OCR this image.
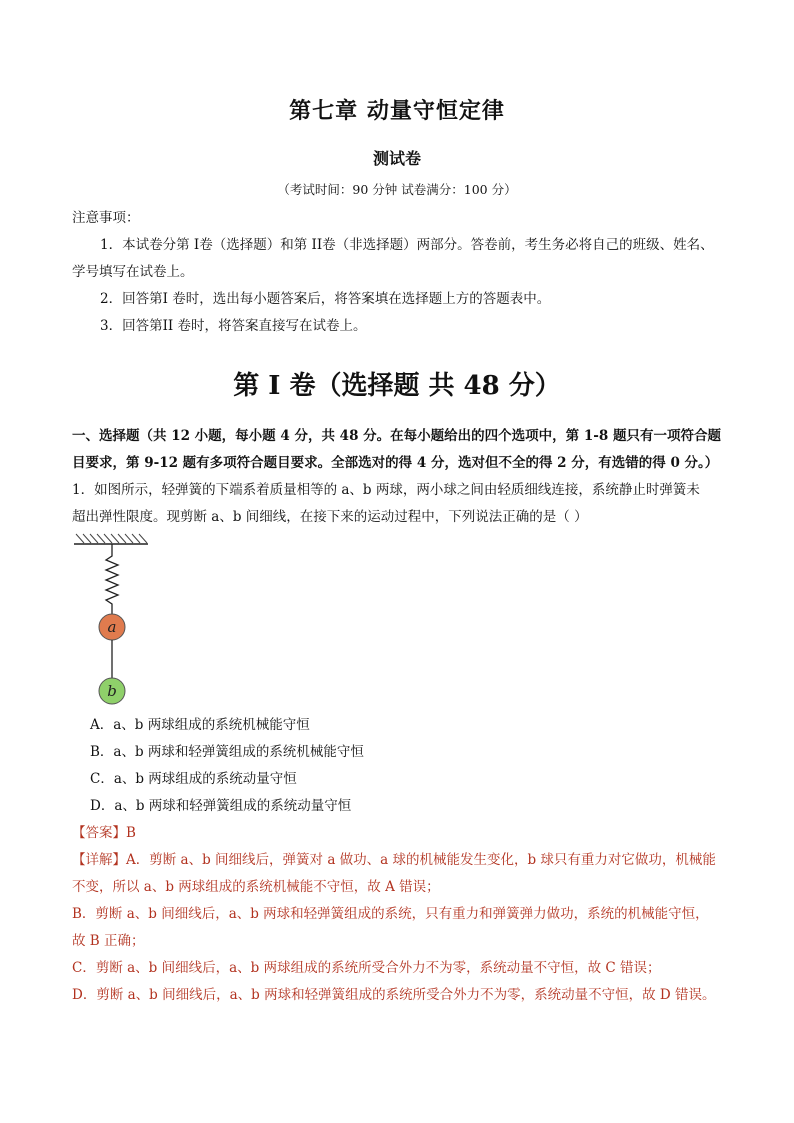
第七章 动量守恒定律
测试卷
（考试时间：90 分钟 试卷满分：100 分）
注意事项：
1．本试卷分第 I卷（选择题）和第 II卷（非选择题）两部分。答卷前，考生务必将自己的班级、姓名、
学号填写在试卷上。
2．回答第I 卷时，选出每小题答案后，将答案填在选择题上方的答题表中。
3．回答第II 卷时，将答案直接写在试卷上。
第 I 卷（选择题 共 48 分）
一、选择题（共 12 小题，每小题 4 分，共 48 分。在每小题给出的四个选项中，第 1-8 题只有一项符合题
目要求，第 9-12 题有多项符合题目要求。全部选对的得 4 分，选对但不全的得 2 分，有选错的得 0 分。）
1．如图所示，轻弹簧的下端系着质量相等的 a、b 两球，两小球之间由轻质细线连接，系统静止时弹簧未
超出弹性限度。现剪断 a、b 间细线，在接下来的运动过程中，下列说法正确的是（ ）
a
b
A．a、b 两球组成的系统机械能守恒
B．a、b 两球和轻弹簧组成的系统机械能守恒
C．a、b 两球组成的系统动量守恒
D．a、b 两球和轻弹簧组成的系统动量守恒
【答案】B
【详解】A．剪断 a、b 间细线后，弹簧对 a 做功、a 球的机械能发生变化，b 球只有重力对它做功，机械能
不变，所以 a、b 两球组成的系统机械能不守恒，故 A 错误；
B．剪断 a、b 间细线后，a、b 两球和轻弹簧组成的系统，只有重力和弹簧弹力做功，系统的机械能守恒，
故 B 正确；
C．剪断 a、b 间细线后，a、b 两球组成的系统所受合外力不为零，系统动量不守恒，故 C 错误；
D．剪断 a、b 间细线后，a、b 两球和轻弹簧组成的系统所受合外力不为零，系统动量不守恒，故 D 错误。
